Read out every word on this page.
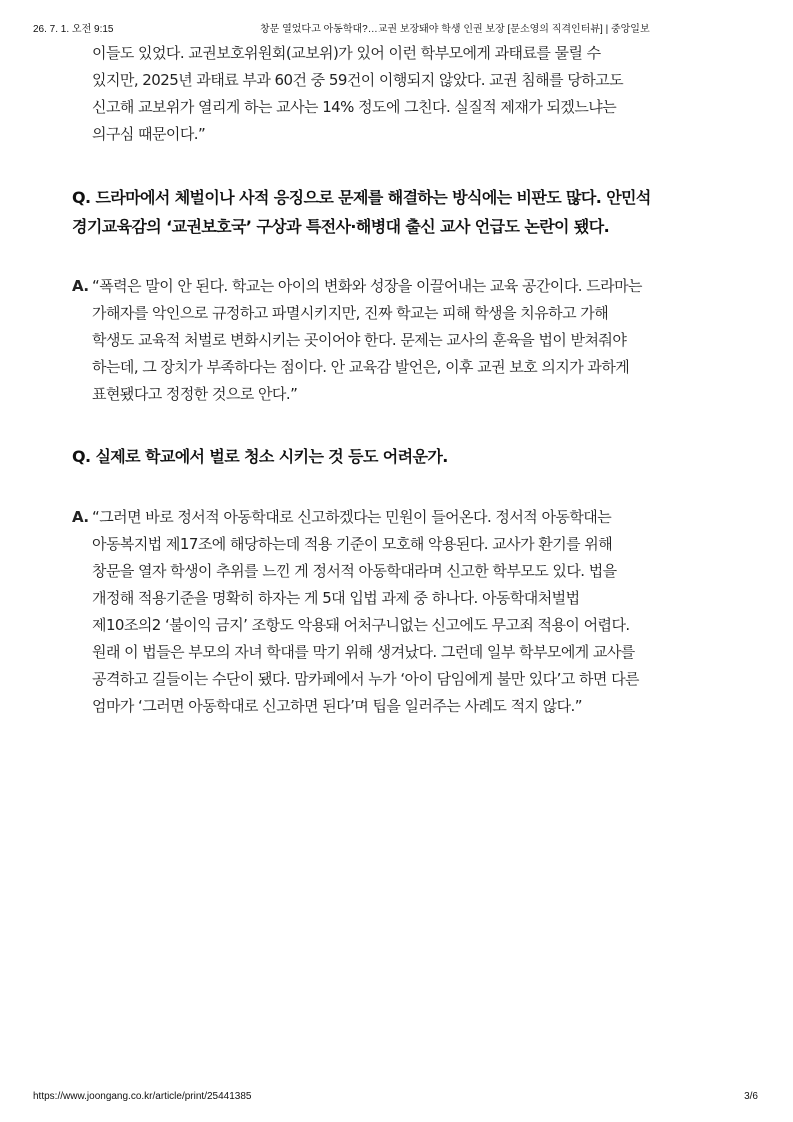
26. 7. 1. 오전 9:15	창문 열었다고 아동학대?…교권 보장돼야 학생 인권 보장 [문소영의 직격인터뷰] | 중앙일보

이들도 있었다. 교권보호위원회(교보위)가 있어 이런 학부모에게 과태료를 물릴 수
있지만, 2025년 과태료 부과 60건 중 59건이 이행되지 않았다. 교권 침해를 당하고도
신고해 교보위가 열리게 하는 교사는 14% 정도에 그친다. 실질적 제재가 되겠느냐는
의구심 때문이다.”

Q. 드라마에서 체벌이나 사적 응징으로 문제를 해결하는 방식에는 비판도 많다. 안민석
경기교육감의 ‘교권보호국’ 구상과 특전사·해병대 출신 교사 언급도 논란이 됐다.

A. “폭력은 말이 안 된다. 학교는 아이의 변화와 성장을 이끌어내는 교육 공간이다. 드라마는
가해자를 악인으로 규정하고 파멸시키지만, 진짜 학교는 피해 학생을 치유하고 가해
학생도 교육적 처벌로 변화시키는 곳이어야 한다. 문제는 교사의 훈육을 법이 받쳐줘야
하는데, 그 장치가 부족하다는 점이다. 안 교육감 발언은, 이후 교권 보호 의지가 과하게
표현됐다고 정정한 것으로 안다.”

Q. 실제로 학교에서 벌로 청소 시키는 것 등도 어려운가.

A. “그러면 바로 정서적 아동학대로 신고하겠다는 민원이 들어온다. 정서적 아동학대는
아동복지법 제17조에 해당하는데 적용 기준이 모호해 악용된다. 교사가 환기를 위해
창문을 열자 학생이 추위를 느낀 게 정서적 아동학대라며 신고한 학부모도 있다. 법을
개정해 적용기준을 명확히 하자는 게 5대 입법 과제 중 하나다. 아동학대처벌법
제10조의2 ‘불이익 금지’ 조항도 악용돼 어처구니없는 신고에도 무고죄 적용이 어렵다.
원래 이 법들은 부모의 자녀 학대를 막기 위해 생겨났다. 그런데 일부 학부모에게 교사를
공격하고 길들이는 수단이 됐다. 맘카페에서 누가 ‘아이 담임에게 불만 있다’고 하면 다른
엄마가 ‘그러면 아동학대로 신고하면 된다’며 팁을 일러주는 사례도 적지 않다.”

https://www.joongang.co.kr/article/print/25441385	3/6
